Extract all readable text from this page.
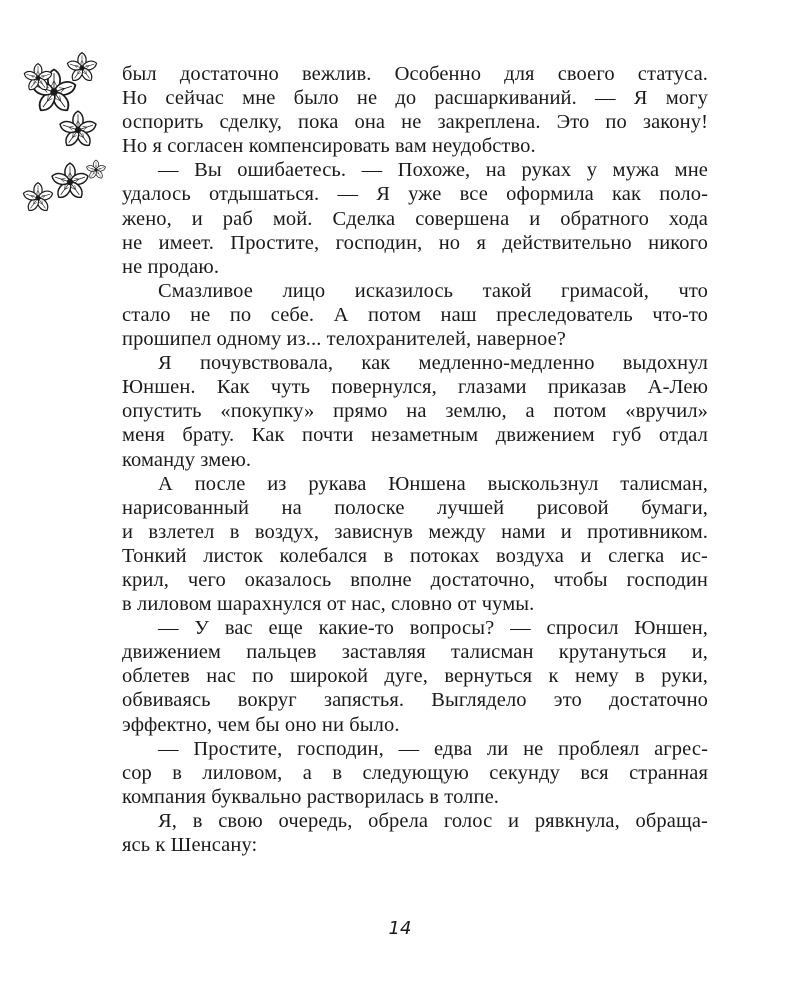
был достаточно вежлив. Особенно для своего статуса.
Но сейчас мне было не до расшаркиваний. — Я могу
оспорить сделку, пока она не закреплена. Это по закону!
Но я согласен компенсировать вам неудобство.
— Вы ошибаетесь. — Похоже, на руках у мужа мне
удалось отдышаться. — Я уже все оформила как поло-
жено, и раб мой. Сделка совершена и обратного хода
не имеет. Простите, господин, но я действительно никого
не продаю.
Смазливое лицо исказилось такой гримасой, что
стало не по себе. А потом наш преследователь что-то
прошипел одному из... телохранителей, наверное?
Я почувствовала, как медленно-медленно выдохнул
Юншен. Как чуть повернулся, глазами приказав А-Лею
опустить «покупку» прямо на землю, а потом «вручил»
меня брату. Как почти незаметным движением губ отдал
команду змею.
А после из рукава Юншена выскользнул талисман,
нарисованный на полоске лучшей рисовой бумаги,
и взлетел в воздух, зависнув между нами и противником.
Тонкий листок колебался в потоках воздуха и слегка ис-
крил, чего оказалось вполне достаточно, чтобы господин
в лиловом шарахнулся от нас, словно от чумы.
— У вас еще какие-то вопросы? — спросил Юншен,
движением пальцев заставляя талисман крутануться и,
облетев нас по широкой дуге, вернуться к нему в руки,
обвиваясь вокруг запястья. Выглядело это достаточно
эффектно, чем бы оно ни было.
— Простите, господин, — едва ли не проблеял агрес-
сор в лиловом, а в следующую секунду вся странная
компания буквально растворилась в толпе.
Я, в свою очередь, обрела голос и рявкнула, обраща-
ясь к Шенсану:
14
